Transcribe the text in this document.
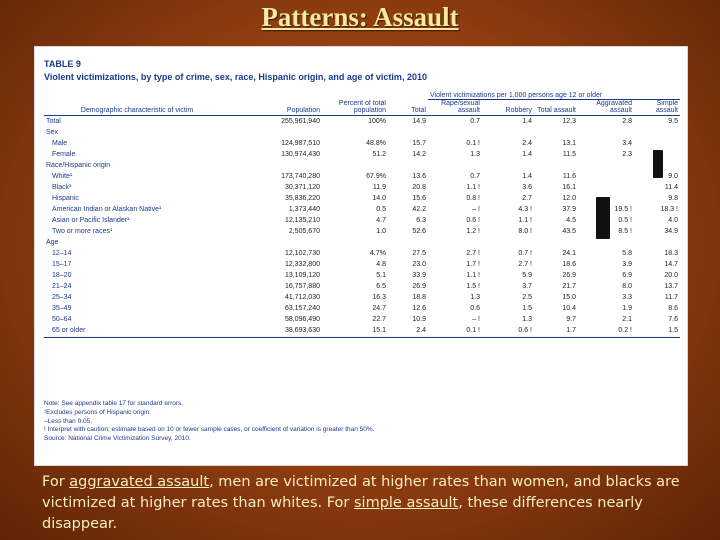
Patterns: Assault
TABLE 9
Violent victimizations, by type of crime, sex, race, Hispanic origin, and age of victim, 2010
				Violent victimizations per 1,000 persons age 12 or older				
Demographic characteristic of victim	Population	Percent of total population	Total	Rape/sexual assault	Robbery	Total assault	Aggravated assault	Simple assault
Total	255,961,940	100%	14.9	0.7	1.4	12.3	2.8	9.5
Sex								
Male	124,987,510	48.8%	15.7	0.1 !	2.4	13.1	3.4	
Female	130,974,430	51.2	14.2	1.3	1.4	11.5	2.3	
Race/Hispanic origin								
White¹	173,740,280	67.9%	13.6	0.7	1.4	11.6		9.0
Black¹	30,371,120	11.9	20.8	1.1 !	3.6	16.1		11.4
Hispanic	35,836,220	14.0	15.6	0.8 !	2.7	12.0		9.8
American Indian or Alaskan Native¹	1,373,440	0.5	42.2	– !	4.3 !	37.9	19.5 !	18.3 !
Asian or Pacific Islander¹	12,135,210	4.7	6.3	0.6 !	1.1 !	4.5	0.5 !	4.0
Two or more races¹	2,505,670	1.0	52.6	1.2 !	8.0 !	43.5	8.5 !	34.9
Age								
12–14	12,102,730	4.7%	27.5	2.7 !	0.7 !	24.1	5.8	18.3
15–17	12,332,800	4.8	23.0	1.7 !	2.7 !	18.6	3.9	14.7
18–20	13,109,120	5.1	33.9	1.1 !	5.9	26.9	6.9	20.0
21–24	16,757,880	6.5	26.9	1.5 !	3.7	21.7	8.0	13.7
25–34	41,712,030	16.3	18.8	1.3	2.5	15.0	3.3	11.7
35–49	63,157,240	24.7	12.6	0.6	1.5	10.4	1.9	8.6
50–64	58,096,490	22.7	10.9	– !	1.3	9.7	2.1	7.6
65 or older	38,693,630	15.1	2.4	0.1 !	0.6 !	1.7	0.2 !	1.5
Note: See appendix table 17 for standard errors.
¹Excludes persons of Hispanic origin.
–Less than 0.05.
! Interpret with caution; estimate based on 10 or fewer sample cases, or coefficient of variation is greater than 50%.
Source: National Crime Victimization Survey, 2010.
For aggravated assault, men are victimized at higher rates than women, and blacks are victimized at higher rates than whites. For simple assault, these differences nearly disappear.
